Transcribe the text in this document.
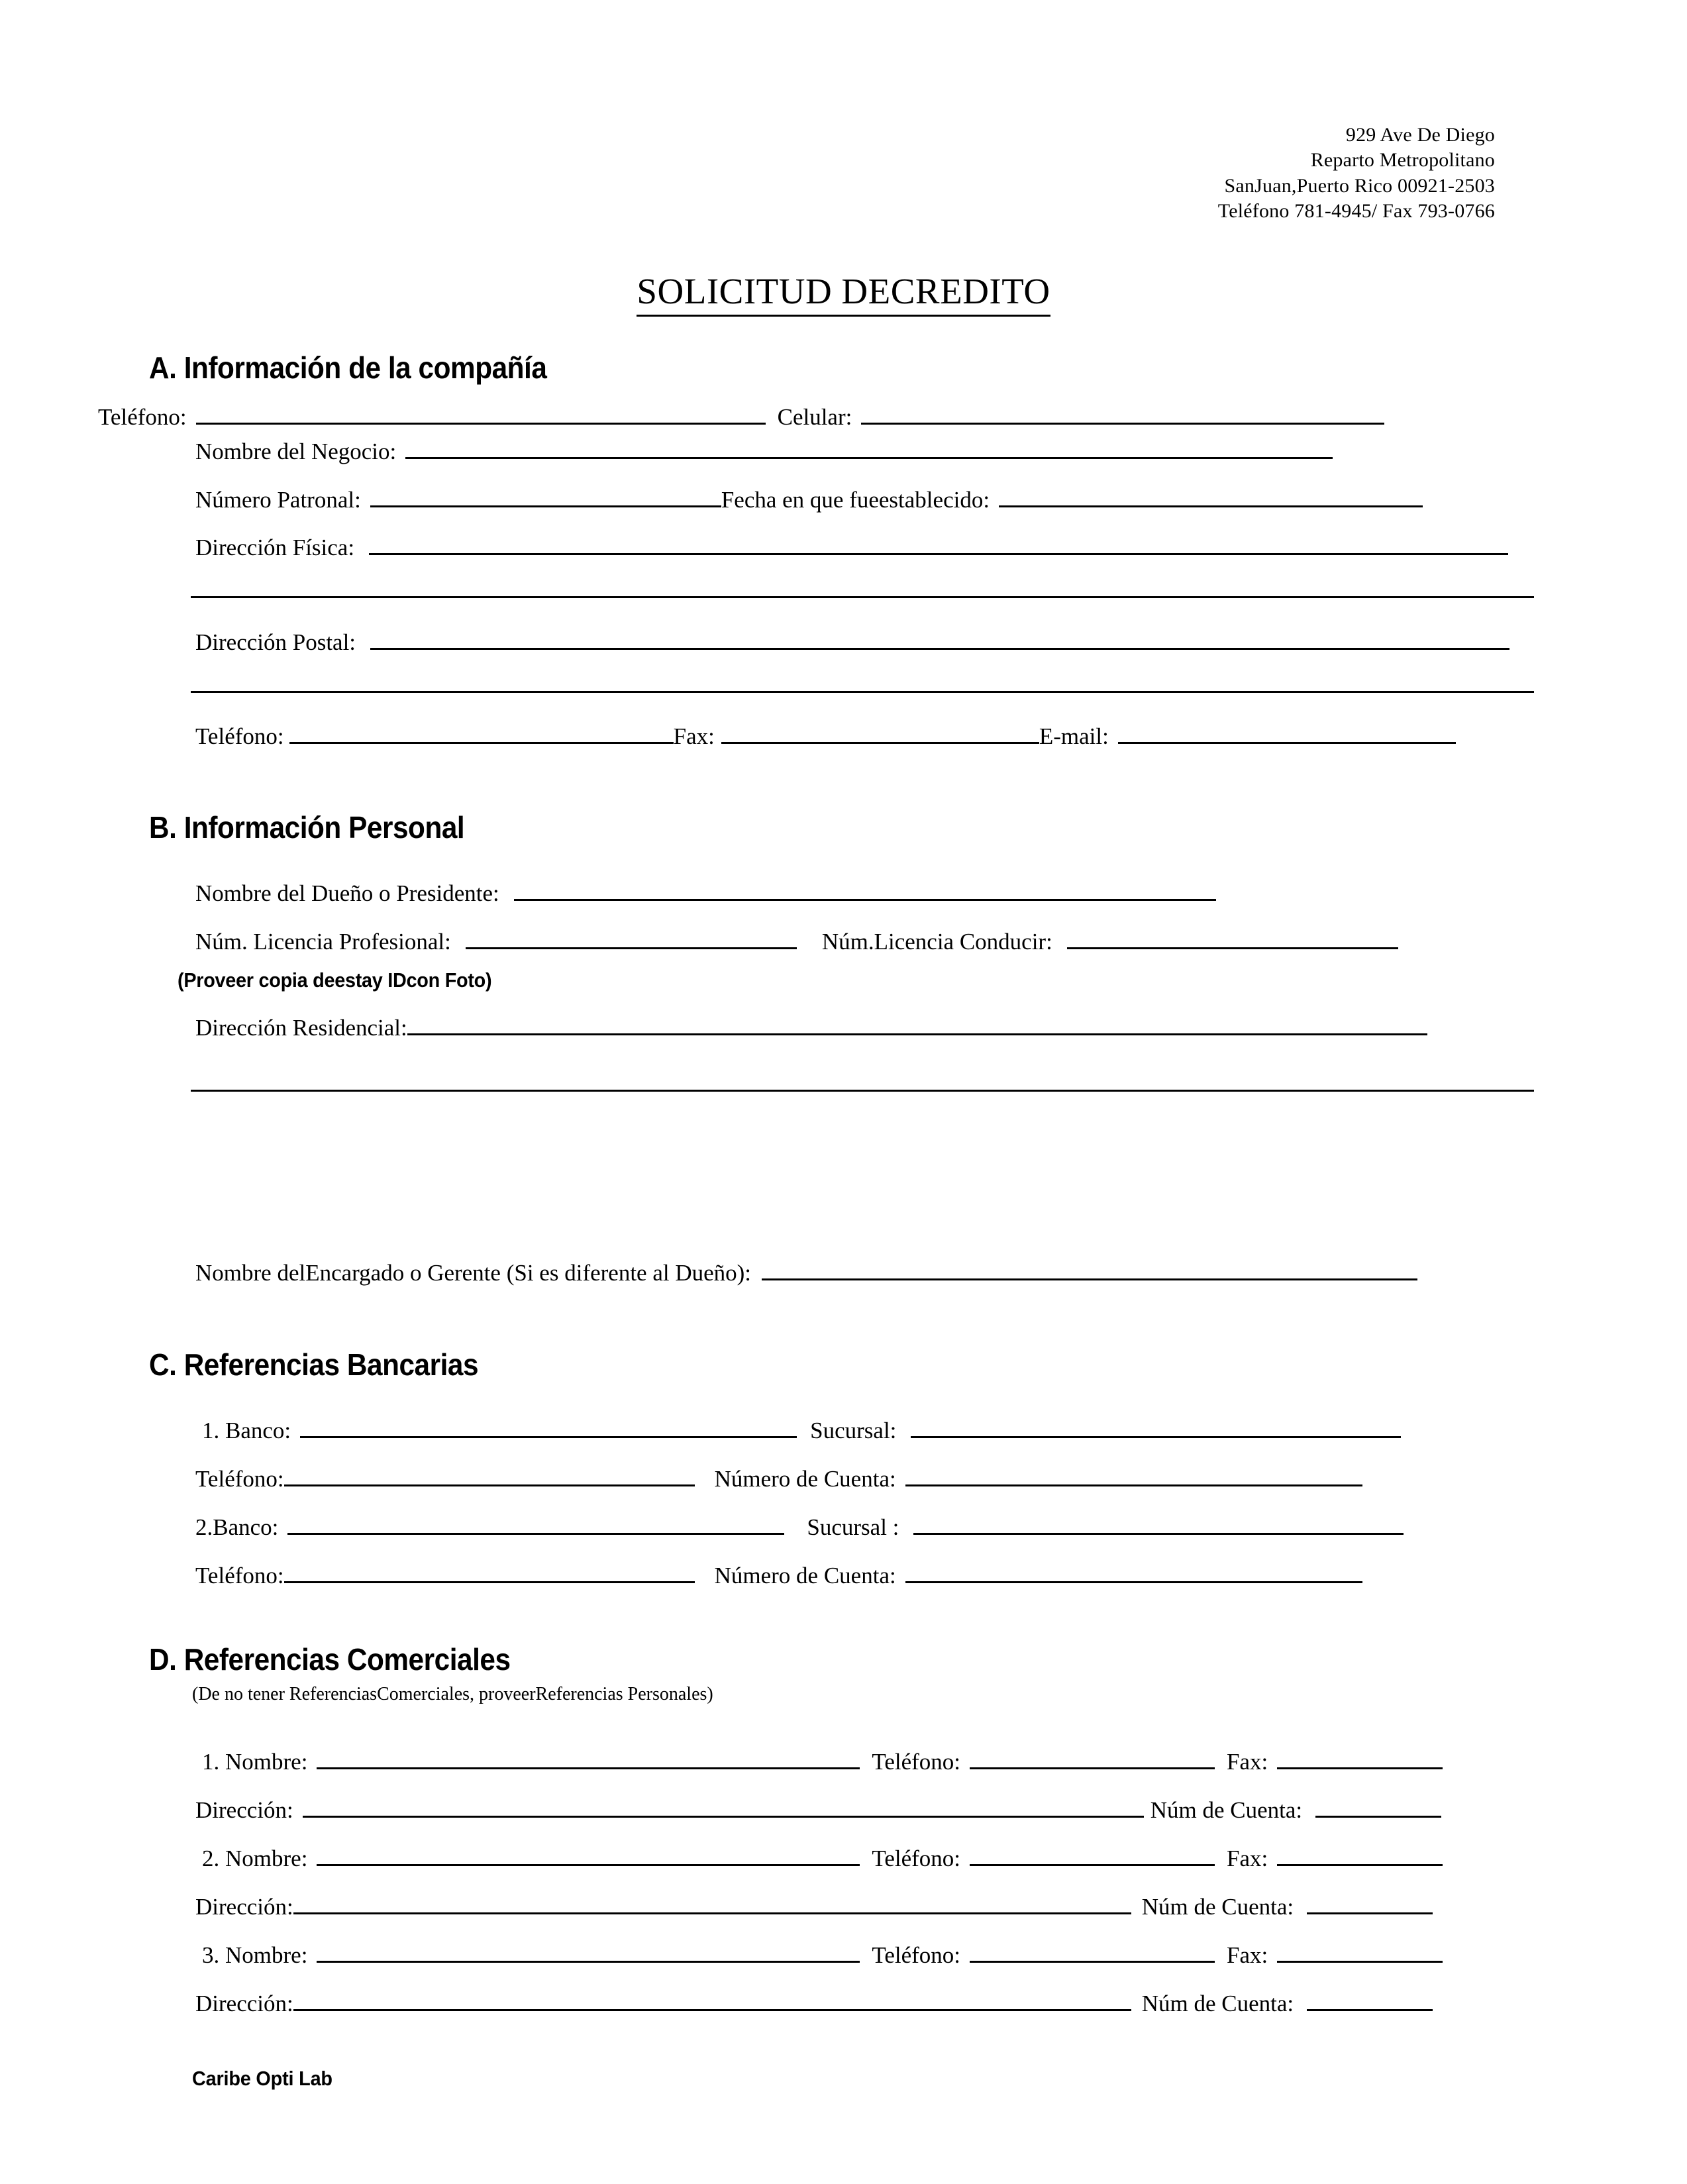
929 Ave De Diego
Reparto Metropolitano
SanJuan,Puerto Rico 00921-2503
Teléfono 781-4945/ Fax 793-0766
SOLICITUD DECREDITO
A. Información de la compañía
Teléfono:	Celular:
Nombre del Negocio:
Número Patronal:	Fecha en que fueestablecido:
Dirección Física:
Dirección Postal:
Teléfono:	Fax:	E-mail:
B. Información Personal
Nombre del Dueño o Presidente:
Núm. Licencia Profesional:	Núm.Licencia Conducir:
(Proveer copia deestay IDcon Foto)
Dirección Residencial:
Nombre delEncargado o Gerente (Si es diferente al Dueño):
C. Referencias Bancarias
1. Banco:	Sucursal:
Teléfono:	Número de Cuenta:
2.Banco:	Sucursal :
Teléfono:	Número de Cuenta:
D. Referencias Comerciales
(De no tener ReferenciasComerciales, proveerReferencias Personales)
1. Nombre:	Teléfono:	Fax:
Dirección:	Núm de Cuenta:
2. Nombre:	Teléfono:	Fax:
Dirección:	Núm de Cuenta:
3. Nombre:	Teléfono:	Fax:
Dirección:	Núm de Cuenta:
Caribe Opti Lab
